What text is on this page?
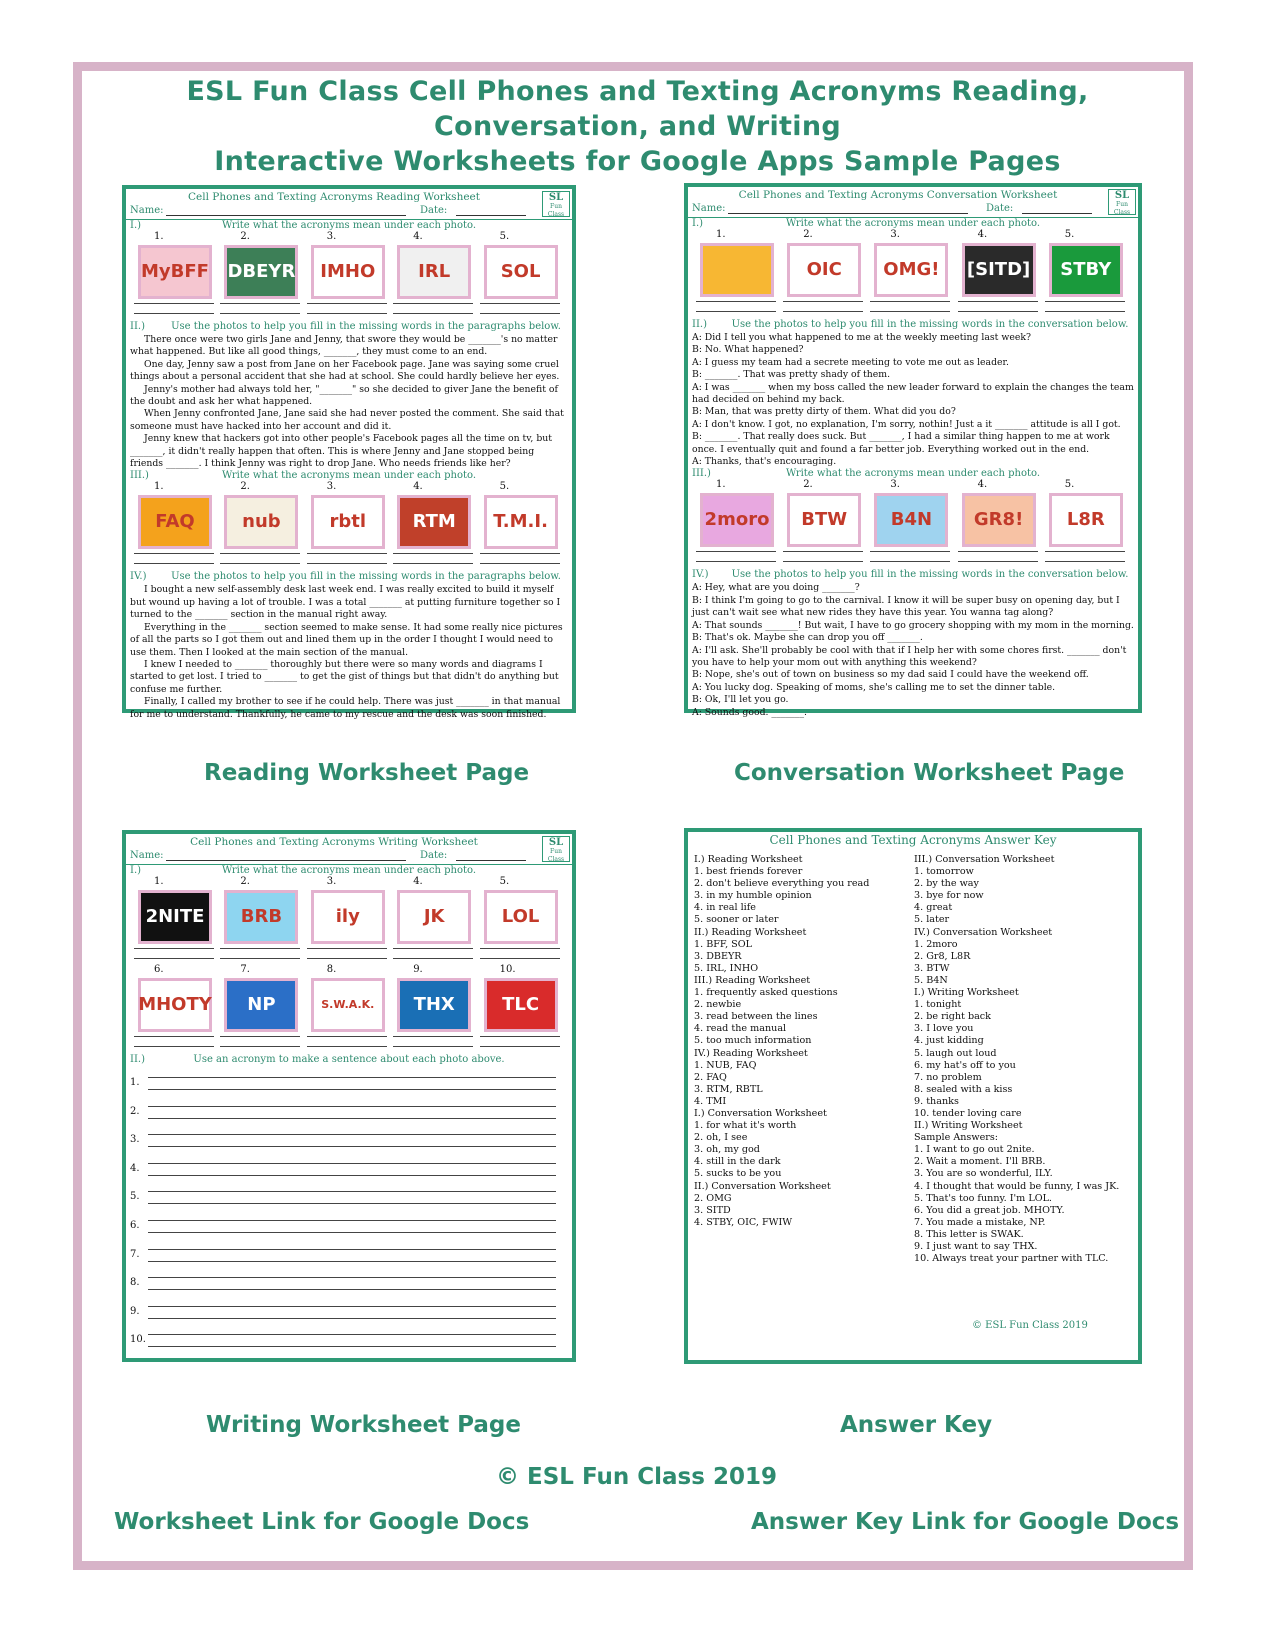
ESL Fun Class Cell Phones and Texting Acronyms Reading, Conversation, and Writing
Interactive Worksheets for Google Apps Sample Pages
Cell Phones and Texting Acronyms Reading Worksheet
Name:	Date:
SL
Fun Class
I.)	Write what the acronyms mean under each photo.
1.
MyBFF
2.
DBEYR
3.
IMHO
4.
IRL
5.
SOL
II.)	Use the photos to help you fill in the missing words in the paragraphs below.

There once were two girls Jane and Jenny, that swore they would be _______'s no matter what happened. But like all good things, _______, they must come to an end.

One day, Jenny saw a post from Jane on her Facebook page. Jane was saying some cruel things about a personal accident that she had at school. She could hardly believe her eyes.

Jenny's mother had always told her, "_______" so she decided to giver Jane the benefit of the doubt and ask her what happened.

When Jenny confronted Jane, Jane said she had never posted the comment. She said that someone must have hacked into her account and did it.

Jenny knew that hackers got into other people's Facebook pages all the time on tv, but _______, it didn't really happen that often. This is where Jenny and Jane stopped being friends _______. I think Jenny was right to drop Jane. Who needs friends like her?

III.)	Write what the acronyms mean under each photo.
1.
FAQ
2.
nub
3.
rbtl
4.
RTM
5.
T.M.I.
IV.)	Use the photos to help you fill in the missing words in the paragraphs below.

I bought a new self-assembly desk last week end. I was really excited to build it myself but wound up having a lot of trouble. I was a total _______ at putting furniture together so I turned to the _______ section in the manual right away.

Everything in the _______ section seemed to make sense. It had some really nice pictures of all the parts so I got them out and lined them up in the order I thought I would need to use them. Then I looked at the main section of the manual.

I knew I needed to _______ thoroughly but there were so many words and diagrams I started to get lost. I tried to _______ to get the gist of things but that didn't do anything but confuse me further.

Finally, I called my brother to see if he could help. There was just _______ in that manual for me to understand. Thankfully, he came to my rescue and the desk was soon finished.

Cell Phones and Texting Acronyms Conversation Worksheet
Name:	Date:
SL
Fun Class
I.)	Write what the acronyms mean under each photo.
1.	2.
OIC
3.
OMG!
4.
[SITD]
5.
STBY
II.)	Use the photos to help you fill in the missing words in the conversation below.

A: Did I tell you what happened to me at the weekly meeting last week?

B: No. What happened?

A: I guess my team had a secrete meeting to vote me out as leader.

B: _______. That was pretty shady of them.

A: I was _______ when my boss called the new leader forward to explain the changes the team had decided on behind my back.

B: Man, that was pretty dirty of them. What did you do?

A: I don't know. I got, no explanation, I'm sorry, nothin! Just a it _______ attitude is all I got.

B: _______. That really does suck. But _______, I had a similar thing happen to me at work once. I eventually quit and found a far better job. Everything worked out in the end.

A: Thanks, that's encouraging.

III.)	Write what the acronyms mean under each photo.
1.
2moro
2.
BTW
3.
B4N
4.
GR8!
5.
L8R
IV.)	Use the photos to help you fill in the missing words in the conversation below.

A: Hey, what are you doing _______?

B: I think I'm going to go to the carnival. I know it will be super busy on opening day, but I just can't wait see what new rides they have this year. You wanna tag along?

A: That sounds _______! But wait, I have to go grocery shopping with my mom in the morning.

B: That's ok. Maybe she can drop you off _______.

A: I'll ask. She'll probably be cool with that if I help her with some chores first. _______ don't you have to help your mom out with anything this weekend?

B: Nope, she's out of town on business so my dad said I could have the weekend off.

A: You lucky dog. Speaking of moms, she's calling me to set the dinner table.

B: Ok, I'll let you go.

A: Sounds good. _______.

Cell Phones and Texting Acronyms Writing Worksheet
Name:	Date:
SL
Fun Class
I.)	Write what the acronyms mean under each photo.
1.
2NITE
2.
BRB
3.
ily
4.
JK
5.
LOL
6.
MHOTY
7.
NP
8.
S.W.A.K.
9.
THX
10.
TLC
II.)	Use an acronym to make a sentence about each photo above.
1.
2.
3.
4.
5.
6.
7.
8.
9.
10.
Cell Phones and Texting Acronyms Answer Key
I.) Reading Worksheet
1. best friends forever
2. don't believe everything you read
3. in my humble opinion
4. in real life
5. sooner or later
II.) Reading Worksheet
1. BFF, SOL
3. DBEYR
5. IRL, INHO
III.) Reading Worksheet
1. frequently asked questions
2. newbie
3. read between the lines
4. read the manual
5. too much information
IV.) Reading Worksheet
1. NUB, FAQ
2. FAQ
3. RTM, RBTL
4. TMI
I.) Conversation Worksheet
1. for what it's worth
2. oh, I see
3. oh, my god
4. still in the dark
5. sucks to be you
II.) Conversation Worksheet
2. OMG
3. SITD
4. STBY, OIC, FWIW
III.) Conversation Worksheet
1. tomorrow
2. by the way
3. bye for now
4. great
5. later
IV.) Conversation Worksheet
1. 2moro
2. Gr8, L8R
3. BTW
5. B4N
I.) Writing Worksheet
1. tonight
2. be right back
3. I love you
4. just kidding
5. laugh out loud
6. my hat's off to you
7. no problem
8. sealed with a kiss
9. thanks
10. tender loving care
II.) Writing Worksheet
Sample Answers:
1. I want to go out 2nite.
2. Wait a moment. I'll BRB.
3. You are so wonderful, ILY.
4. I thought that would be funny, I was JK.
5. That's too funny. I'm LOL.
6. You did a great job. MHOTY.
7. You made a mistake, NP.
8. This letter is SWAK.
9. I just want to say THX.
10. Always treat your partner with TLC.
© ESL Fun Class 2019
Reading Worksheet Page	Conversation Worksheet Page
Writing Worksheet Page	Answer Key
© ESL Fun Class 2019
Worksheet Link for Google Docs	Answer Key Link for Google Docs
